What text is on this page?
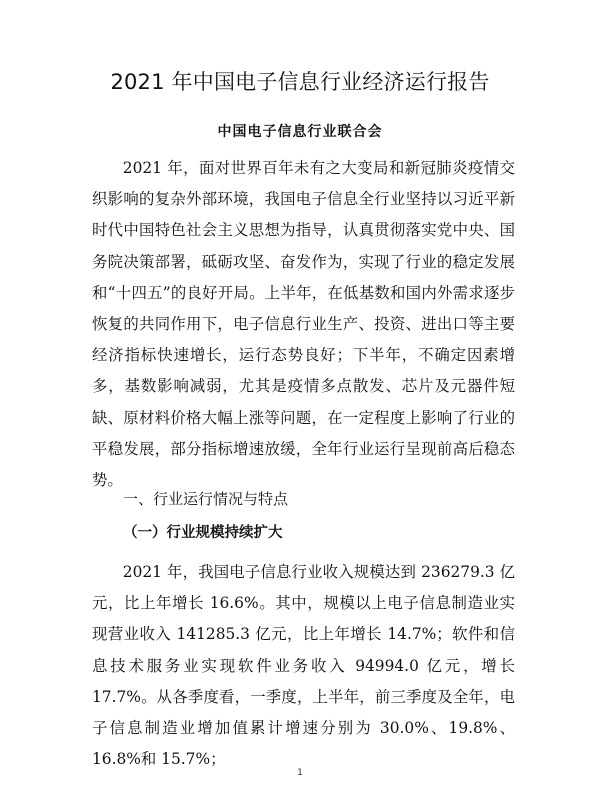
2021 年中国电子信息行业经济运行报告
中国电子信息行业联合会

2021 年，面对世界百年未有之大变局和新冠肺炎疫情交织影响的复杂外部环境，我国电子信息全行业坚持以习近平新时代中国特色社会主义思想为指导，认真贯彻落实党中央、国务院决策部署，砥砺攻坚、奋发作为，实现了行业的稳定发展和“十四五”的良好开局。上半年，在低基数和国内外需求逐步恢复的共同作用下，电子信息行业生产、投资、进出口等主要经济指标快速增长，运行态势良好；下半年，不确定因素增多，基数影响减弱，尤其是疫情多点散发、芯片及元器件短缺、原材料价格大幅上涨等问题，在一定程度上影响了行业的平稳发展，部分指标增速放缓，全年行业运行呈现前高后稳态势。

一、行业运行情况与特点
（一）行业规模持续扩大

2021 年，我国电子信息行业收入规模达到 236279.3 亿元，比上年增长 16.6%。其中，规模以上电子信息制造业实现营业收入 141285.3 亿元，比上年增长 14.7%；软件和信息技术服务业实现软件业务收入 94994.0 亿元，增长 17.7%。从各季度看，一季度，上半年，前三季度及全年，电子信息制造业增加值累计增速分别为 30.0%、19.8%、16.8%和 15.7%；

1
